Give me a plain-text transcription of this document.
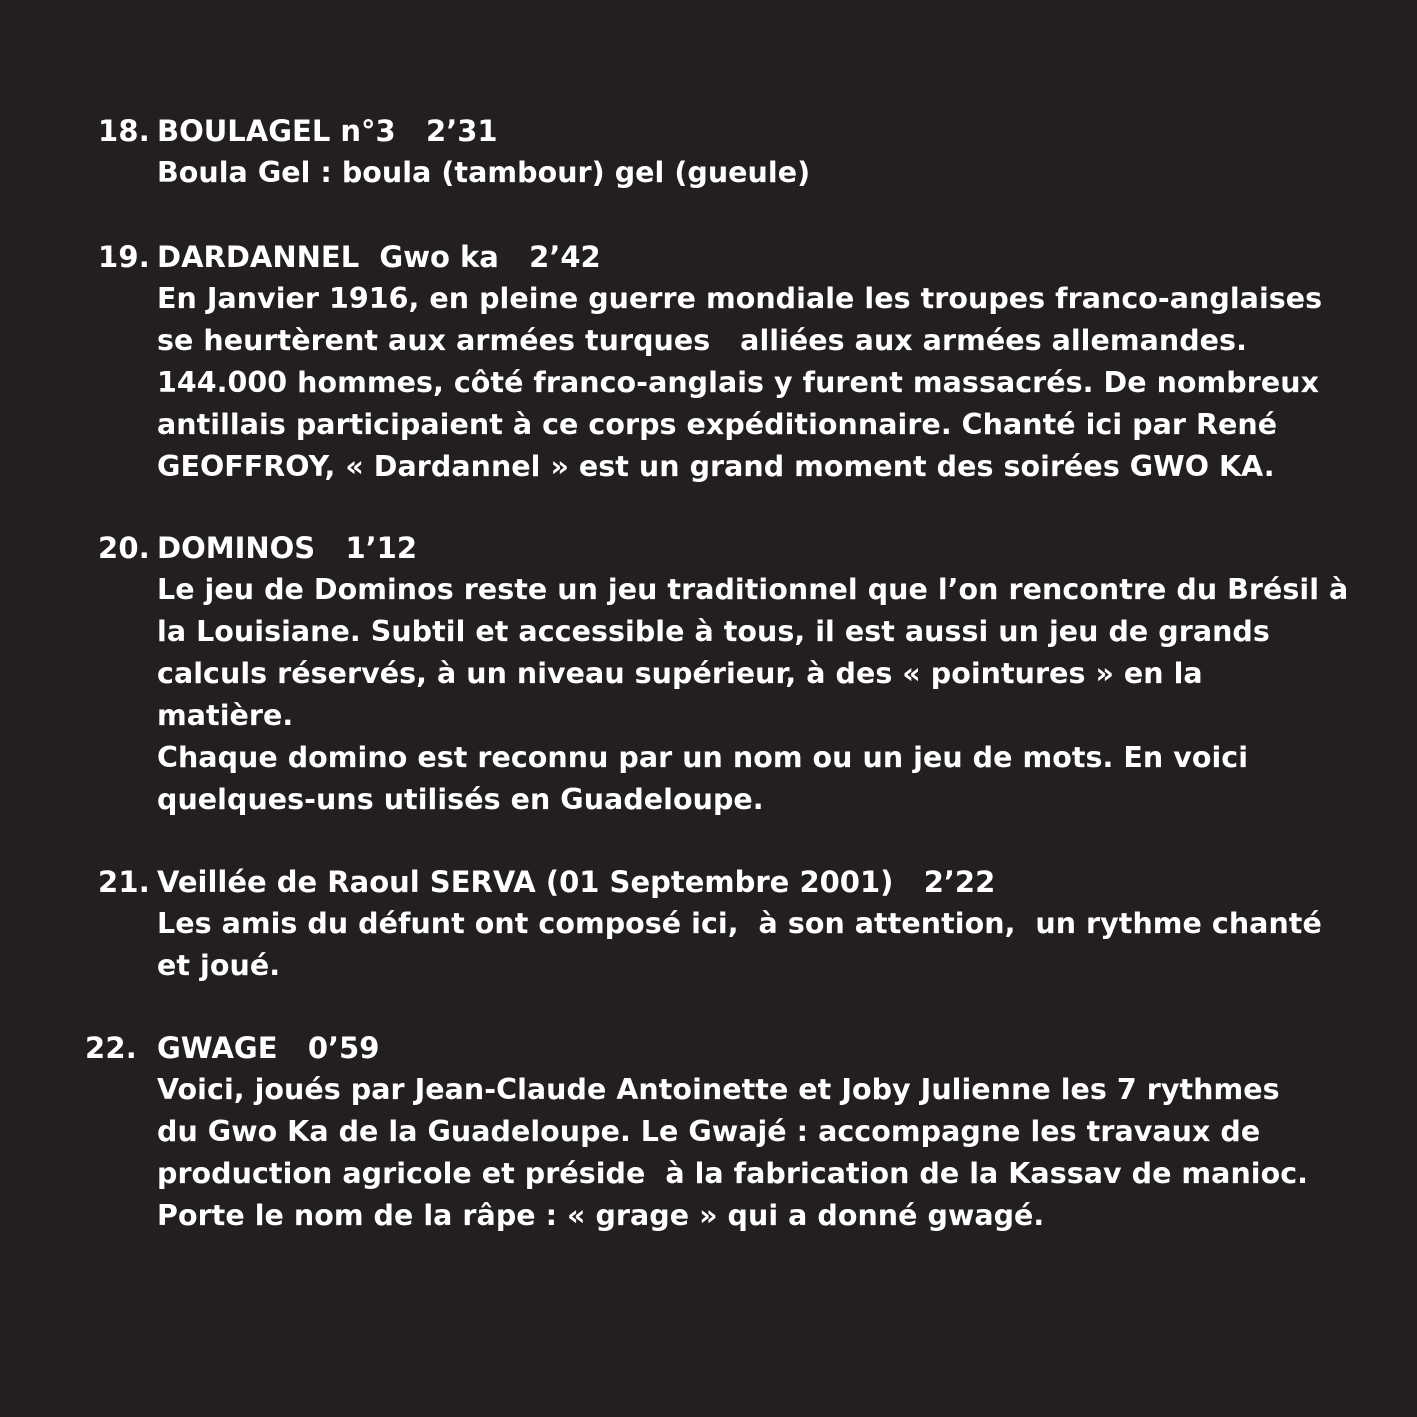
18. BOULAGEL n°3   2’31
Boula Gel : boula (tambour) gel (gueule)
19. DARDANNEL  Gwo ka   2’42
En Janvier 1916, en pleine guerre mondiale les troupes franco-anglaises
se heurtèrent aux armées turques   alliées aux armées allemandes.
144.000 hommes, côté franco-anglais y furent massacrés. De nombreux
antillais participaient à ce corps expéditionnaire. Chanté ici par René
GEOFFROY, « Dardannel » est un grand moment des soirées GWO KA.
20. DOMINOS   1’12
Le jeu de Dominos reste un jeu traditionnel que l’on rencontre du Brésil à
la Louisiane. Subtil et accessible à tous, il est aussi un jeu de grands
calculs réservés, à un niveau supérieur, à des « pointures » en la
matière.
Chaque domino est reconnu par un nom ou un jeu de mots. En voici
quelques-uns utilisés en Guadeloupe.
21. Veillée de Raoul SERVA (01 Septembre 2001)   2’22
Les amis du défunt ont composé ici,  à son attention,  un rythme chanté
et joué.
22. GWAGE   0’59
Voici, joués par Jean-Claude Antoinette et Joby Julienne les 7 rythmes
du Gwo Ka de la Guadeloupe. Le Gwajé : accompagne les travaux de
production agricole et préside  à la fabrication de la Kassav de manioc.
Porte le nom de la râpe : « grage » qui a donné gwagé.
